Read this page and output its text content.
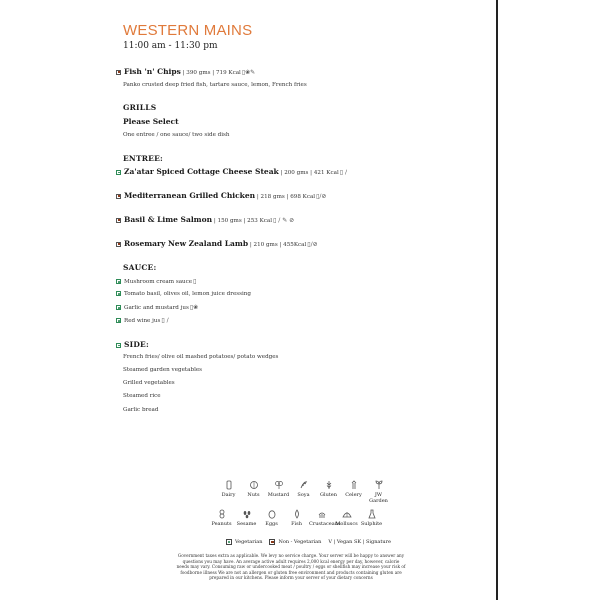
WESTERN MAINS
11:00 am - 11:30 pm
Fish 'n' Chips | 390 gms | 719 Kcal▯❀✎
Panko crusted deep fried fish, tartare sauce, lemon, French fries
GRILLS
Please Select
One entree / one sauce/ two side dish
ENTREE:
Za'atar Spiced Cottage Cheese Steak | 200 gms | 421 Kcal▯ ∕
Mediterranean Grilled Chicken | 218 gms | 698 Kcal▯∕⊘
Basil & Lime Salmon | 150 gms | 253 Kcal▯ ∕ ✎ ⊘
Rosemary New Zealand Lamb | 210 gms | 455Kcal▯∕⊘
SAUCE:
Mushroom cream sauce▯
Tomato basil, olives oil, lemon juice dressing
Garlic and mustard jus▯❀
Red wine jus▯ ∕
SIDE:
French fries/ olive oil mashed potatoes/ potato wedges
Steamed garden vegetables
Grilled vegetables
Steamed rice
Garlic bread
Dairy	Nuts	Mustard	Soya	Gluten	Celery	JW Garden
Peanuts	Sesame	Eggs	Fish	Crustaceans
Molluscs Sulphite
Vegetarian	Non - Vegetarian V | Vegan SK | Signature
Government taxes extra as applicable. We levy no service charge. Your server will be happy to answer any questions you may have. An average active adult requires 2,000 kcal energy per day, however, calorie needs may vary. Consuming raw or undercooked meat / poultry / eggs or shellfish may increase your risk of foodborne illness We are not an allergen or gluten free environment and products containing gluten are prepared in our kitchens. Please inform your server of your dietary concerns
